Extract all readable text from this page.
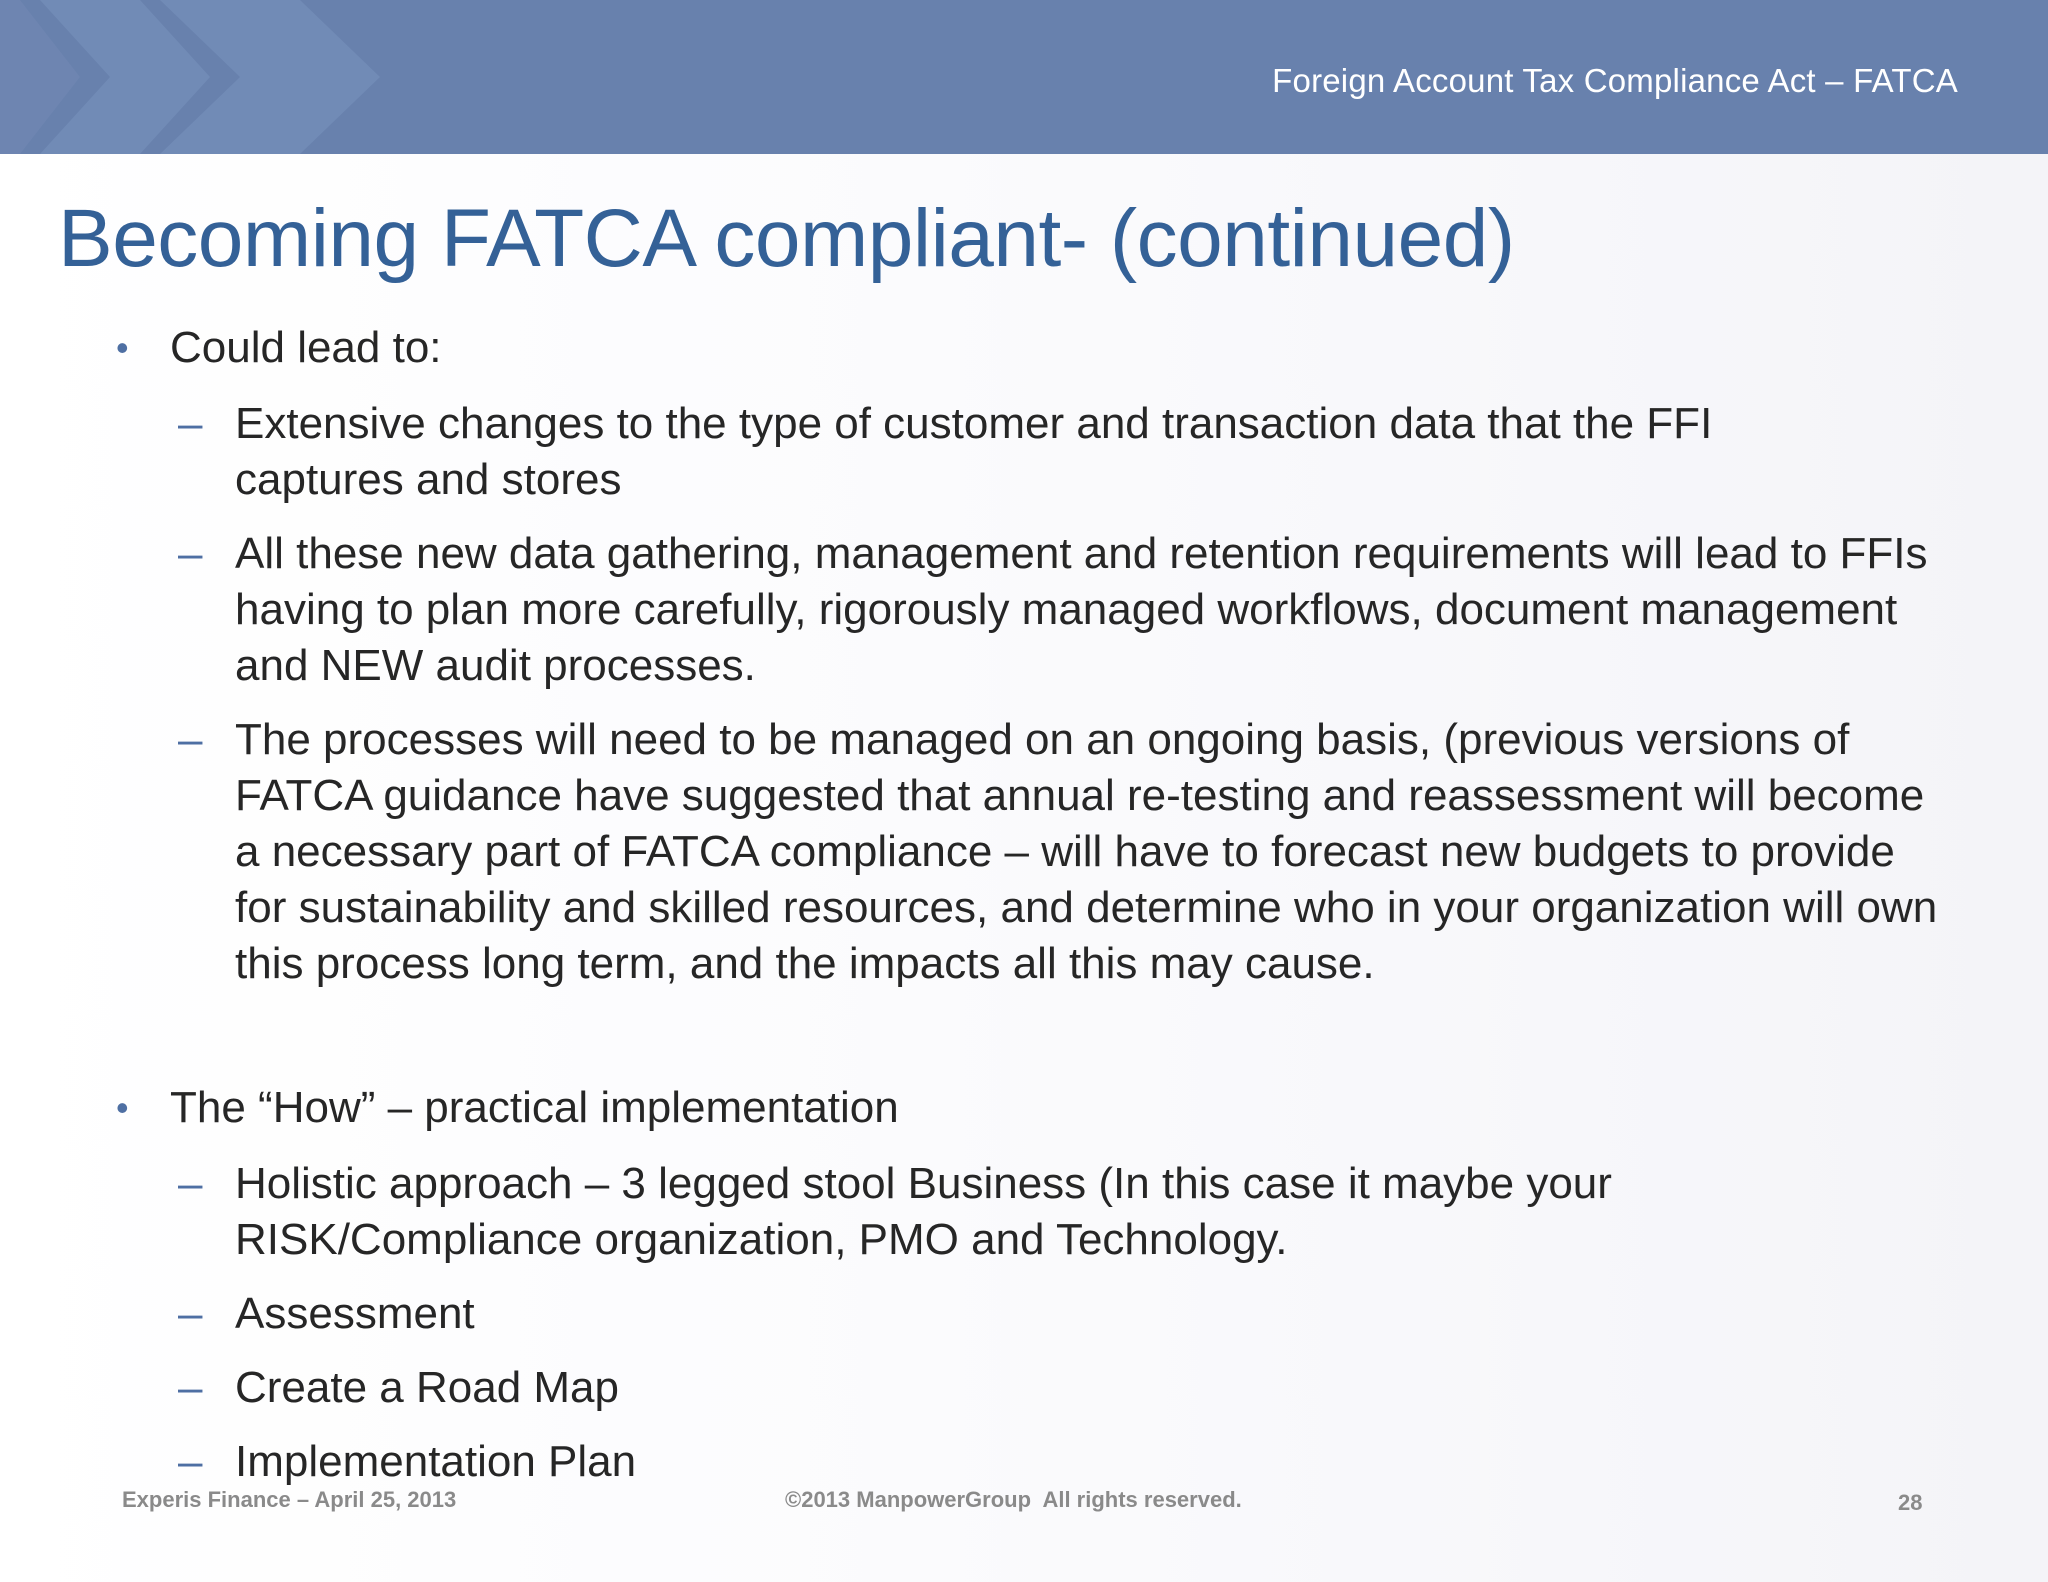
Foreign Account Tax Compliance Act – FATCA
Becoming FATCA compliant- (continued)
• Could lead to:
– Extensive changes to the type of customer and transaction data that the FFI captures and stores
– All these new data gathering, management and retention requirements will lead to FFIs having to plan more carefully, rigorously managed workflows, document management and NEW audit processes.
– The processes will need to be managed on an ongoing basis, (previous versions of FATCA guidance have suggested that annual re-testing and reassessment will become a necessary part of FATCA compliance – will have to forecast new budgets to provide for sustainability and skilled resources, and determine who in your organization will own this process long term, and the impacts all this may cause.
• The “How” – practical implementation
– Holistic approach – 3 legged stool Business (In this case it maybe your RISK/Compliance organization, PMO and Technology.
– Assessment
– Create a Road Map
– Implementation Plan
Experis Finance – April 25, 2013	©2013 ManpowerGroup  All rights reserved.	28
